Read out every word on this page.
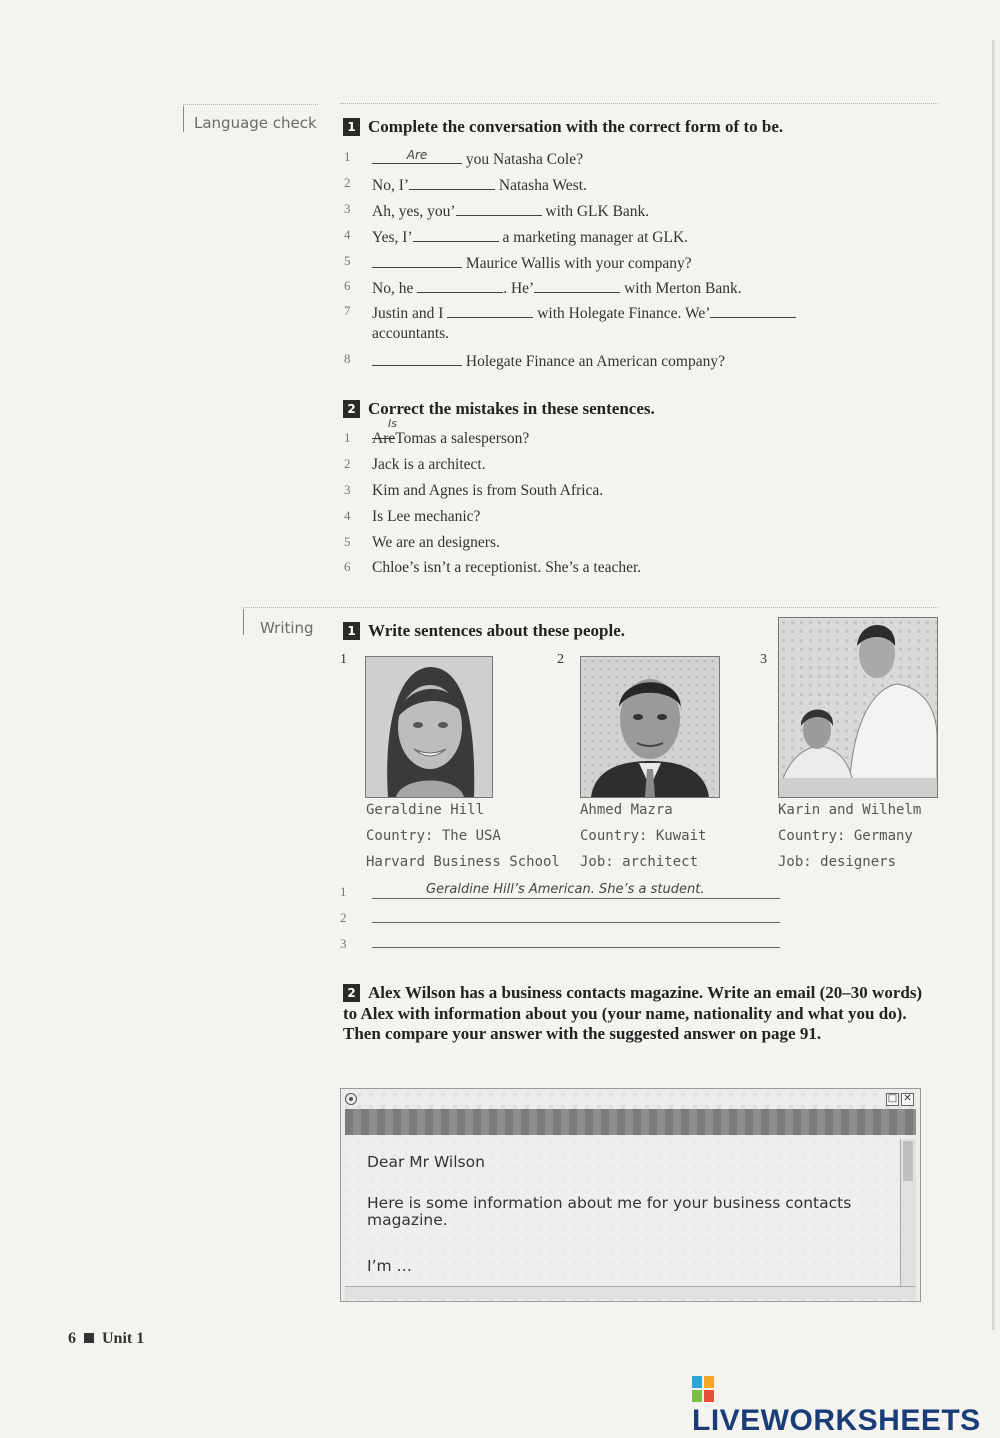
Language check
Writing
1 Complete the conversation with the correct form of to be.
1	Are	you Natasha Cole?
2 No, I’	Natasha West.
3 Ah, yes, you’	with GLK Bank.
4 Yes, I’	a marketing manager at GLK.
5	Maurice Wallis with your company?
6 No, he	. He’	with Merton Bank.
7 Justin and I	with Holegate Finance. We’
accountants.
8	Holegate Finance an American company?
2 Correct the mistakes in these sentences.
1
Is
AreTomas a salesperson?
2 Jack is a architect.
3 Kim and Agnes is from South Africa.
4 Is Lee mechanic?
5 We are an designers.
6 Chloe’s isn’t a receptionist. She’s a teacher.
1 Write sentences about these people.
1	2	3
Geraldine Hill
Country: The USA
Harvard Business School
Ahmed Mazra
Country: Kuwait
Job: architect
Karin and Wilhelm
Country: Germany
Job: designers
1	Geraldine Hill’s American. She’s a student.
2
3
2 Alex Wilson has a business contacts magazine. Write an email (20–30 words) to Alex with information about you (your name, nationality and what you do). Then compare your answer with the suggested answer on page 91.
□ ✕
Dear Mr Wilson
Here is some information about me for your business contacts magazine.
I’m …
6 Unit 1
LIVEWORKSHEETS
